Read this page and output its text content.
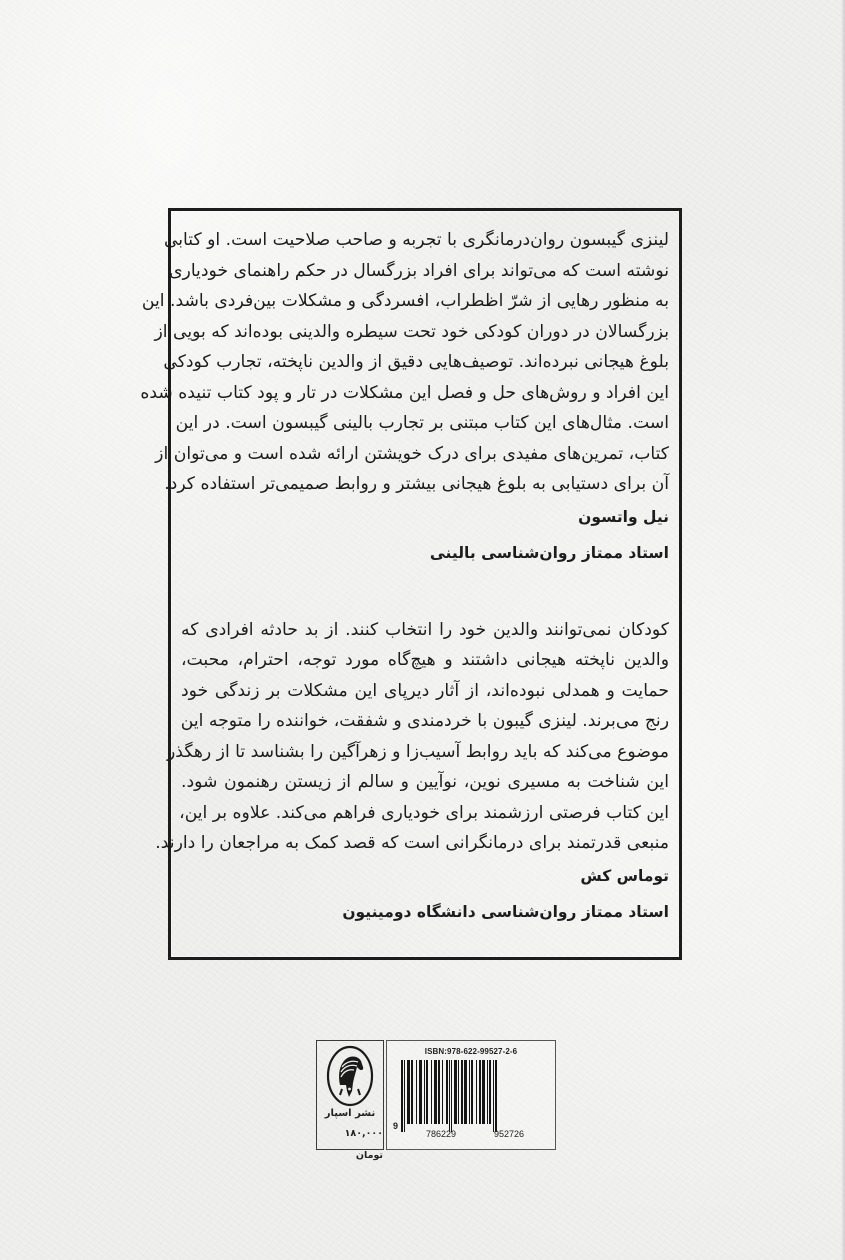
لینزی گیبسون روان‌درمانگری با تجربه و صاحب صلاحیت است. او کتابی
نوشته است که می‌تواند برای افراد بزرگسال در حکم راهنمای خودیاری
به منظور رهایی از شرّ اظطراب، افسردگی و مشکلات بین‌فردی باشد. این
بزرگسالان در دوران کودکی خود تحت سیطره والدینی بوده‌اند که بویی از
بلوغ هیجانی نبرده‌اند. توصیف‌هایی دقیق از والدین ناپخته، تجارب کودکی
این افراد و روش‌های حل و فصل این مشکلات در تار و پود کتاب تنیده شده
است. مثال‌های این کتاب مبتنی بر تجارب بالینی گیبسون است. در این
کتاب، تمرین‌های مفیدی برای درک خویشتن ارائه شده است و می‌توان از
آن برای دستیابی به بلوغ هیجانی بیشتر و روابط صمیمی‌تر استفاده کرد.

نیل واتسون
استاد ممتاز روان‌شناسی بالینی

کودکان نمی‌توانند والدین خود را انتخاب کنند. از بد حادثه افرادی که
والدین ناپخته هیجانی داشتند و هیچ‌گاه مورد توجه، احترام، محبت،
حمایت و همدلی نبوده‌اند، از آثار دیرپای این مشکلات بر زندگی خود
رنج می‌برند. لینزی گیبون با خردمندی و شفقت، خواننده را متوجه این
موضوع می‌کند که باید روابط آسیب‌زا و زهرآگین را بشناسد تا از رهگذر
این شناخت به مسیری نوین، نوآیین و سالم از زیستن رهنمون شود.
این کتاب فرصتی ارزشمند برای خودیاری فراهم می‌کند. علاوه بر این،
منبعی قدرتمند برای درمانگرانی است که قصد کمک به مراجعان را دارند.

توماس کش
استاد ممتاز روان‌شناسی دانشگاه دومینیون
نشر اسپار
۱۸۰,۰۰۰ تومان
ISBN:978-622-99527-2-6
9
786229	952726
